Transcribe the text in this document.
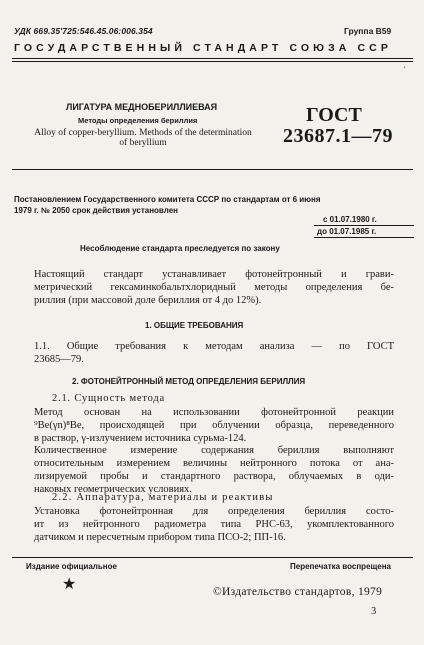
УДК 669.35'725:546.45.06:006.354	Группа В59
ГОСУДАРСТВЕННЫЙ СТАНДАРТ СОЮЗА ССР
'
ЛИГАТУРА МЕДНОБЕРИЛЛИЕВАЯ
Методы определения бериллия
Alloy of copper-beryllium. Methods of the determination
of beryllium
ГОСТ
23687.1—79
Постановлением Государственного комитета СССР по стандартам от 6 июня
1979 г. № 2050 срок действия установлен
с 01.07.1980 г.
до 01.07.1985 г.
Несоблюдение стандарта преследуется по закону
Настоящий стандарт устанавливает фотонейтронный и грави-
метрический гексаминкобальтхлоридный методы определения бе-
риллия (при массовой доле бериллия от 4 до 12%).
1. ОБЩИЕ ТРЕБОВАНИЯ
1.1. Общие требования к методам анализа — по ГОСТ
23685—79.
2. ФОТОНЕЙТРОННЫЙ МЕТОД ОПРЕДЕЛЕНИЯ БЕРИЛЛИЯ
2.1. Сущность метода
Метод основан на использовании фотонейтронной реакции
⁹Be(γn)⁸Be, происходящей при облучении образца, переведенного
в раствор, γ-излучением источника сурьма-124.
Количественное измерение содержания бериллия выполняют
относительным измерением величины нейтронного потока от ана-
лизируемой пробы и стандартного раствора, облучаемых в оди-
наковых геометрических условиях.
2.2. Аппаратура, материалы и реактивы
Установка фотонейтронная для определения бериллия состо-
ит из нейтронного радиометра типа РНС-63, укомплектованного
датчиком и пересчетным прибором типа ПСО-2; ПП-16.
Издание официальное	Перепечатка воспрещена
★	©Издательство стандартов, 1979
3
